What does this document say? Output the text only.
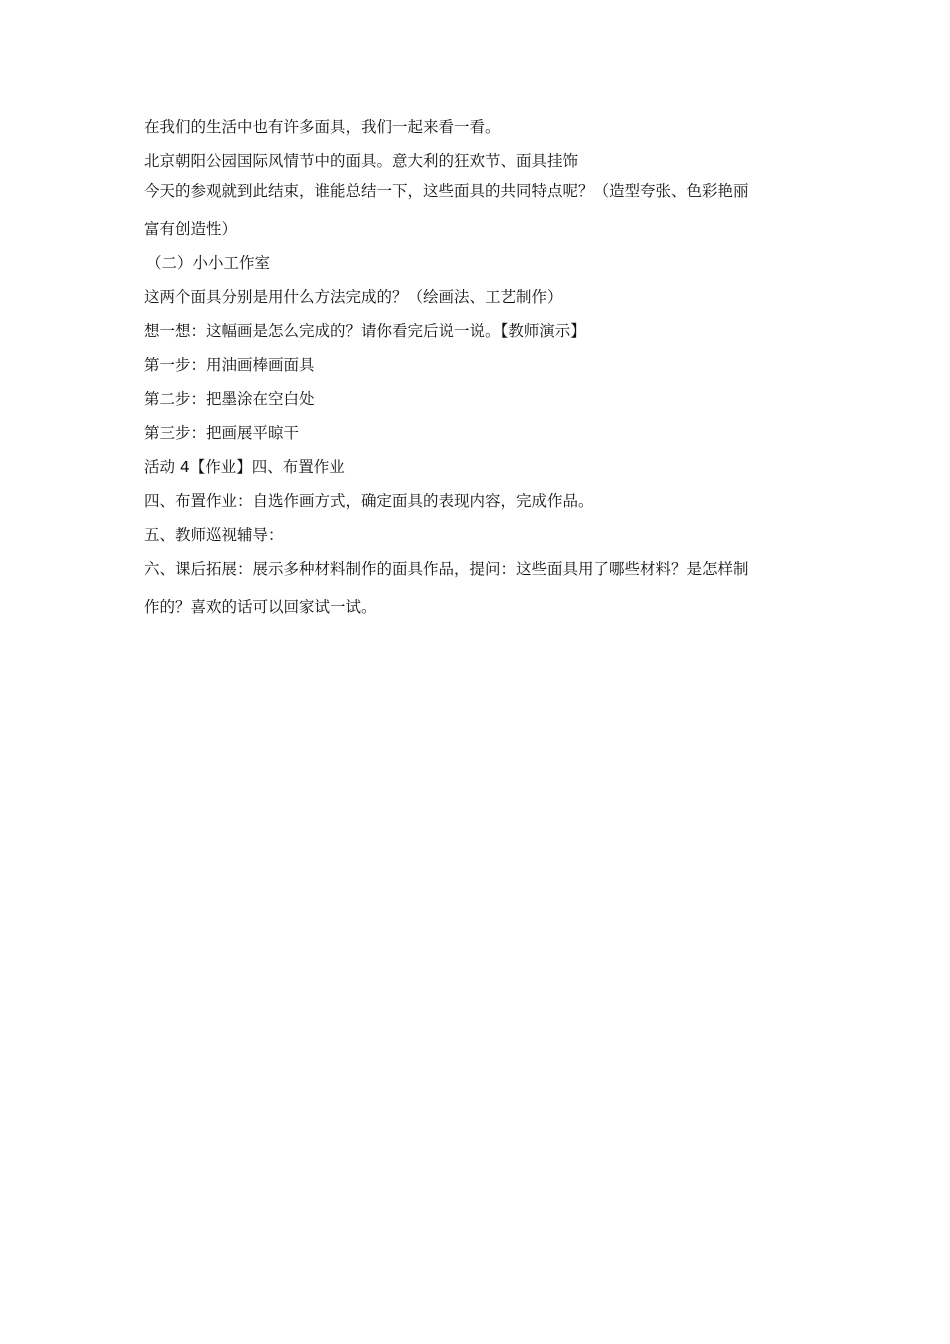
在我们的生活中也有许多面具，我们一起来看一看。

北京朝阳公园国际风情节中的面具。意大利的狂欢节、面具挂饰

今天的参观就到此结束，谁能总结一下，这些面具的共同特点呢？（造型夸张、色彩艳丽

富有创造性）

（二）小小工作室

这两个面具分别是用什么方法完成的？（绘画法、工艺制作）

想一想：这幅画是怎么完成的？请你看完后说一说。【教师演示】

第一步：用油画棒画面具

第二步：把墨涂在空白处

第三步：把画展平晾干

活动 4【作业】四、布置作业

四、布置作业：自选作画方式，确定面具的表现内容，完成作品。

五、教师巡视辅导：

六、课后拓展：展示多种材料制作的面具作品，提问：这些面具用了哪些材料？是怎样制

作的？喜欢的话可以回家试一试。
